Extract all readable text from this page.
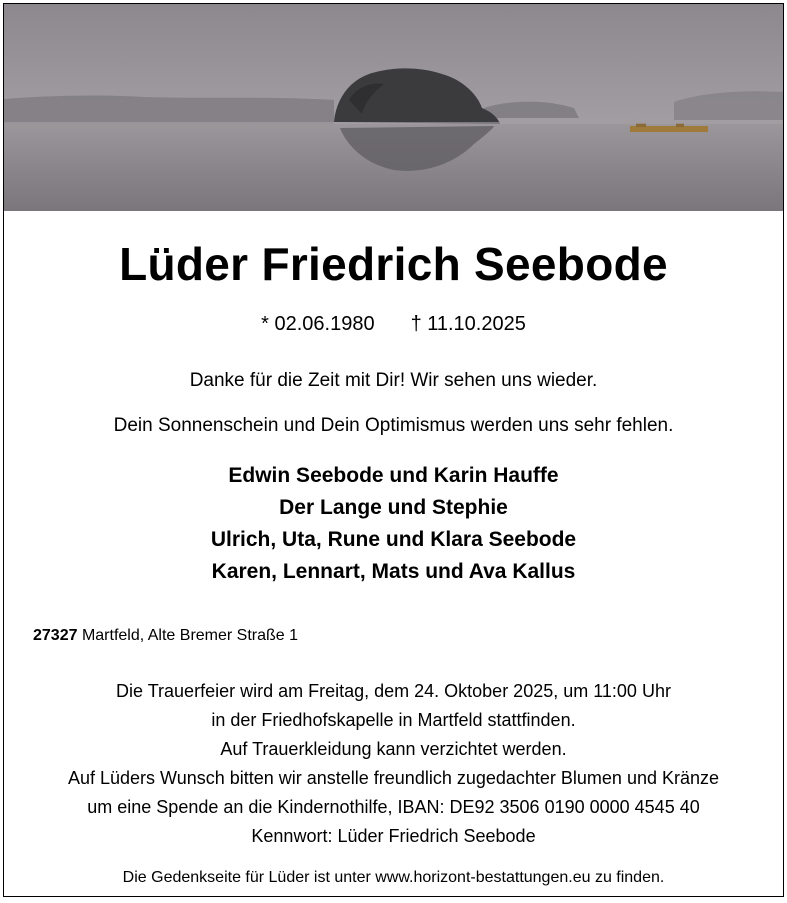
Lüder Friedrich Seebode
* 02.06.1980 † 11.10.2025
Danke für die Zeit mit Dir! Wir sehen uns wieder.
Dein Sonnenschein und Dein Optimismus werden uns sehr fehlen.
Edwin Seebode und Karin Hauffe
Der Lange und Stephie
Ulrich, Uta, Rune und Klara Seebode
Karen, Lennart, Mats und Ava Kallus
27327 Martfeld, Alte Bremer Straße 1
Die Trauerfeier wird am Freitag, dem 24. Oktober 2025, um 11:00 Uhr
in der Friedhofskapelle in Martfeld stattfinden.
Auf Trauerkleidung kann verzichtet werden.
Auf Lüders Wunsch bitten wir anstelle freundlich zugedachter Blumen und Kränze
um eine Spende an die Kindernothilfe, IBAN: DE92 3506 0190 0000 4545 40
Kennwort: Lüder Friedrich Seebode
Die Gedenkseite für Lüder ist unter www.horizont-bestattungen.eu zu finden.
